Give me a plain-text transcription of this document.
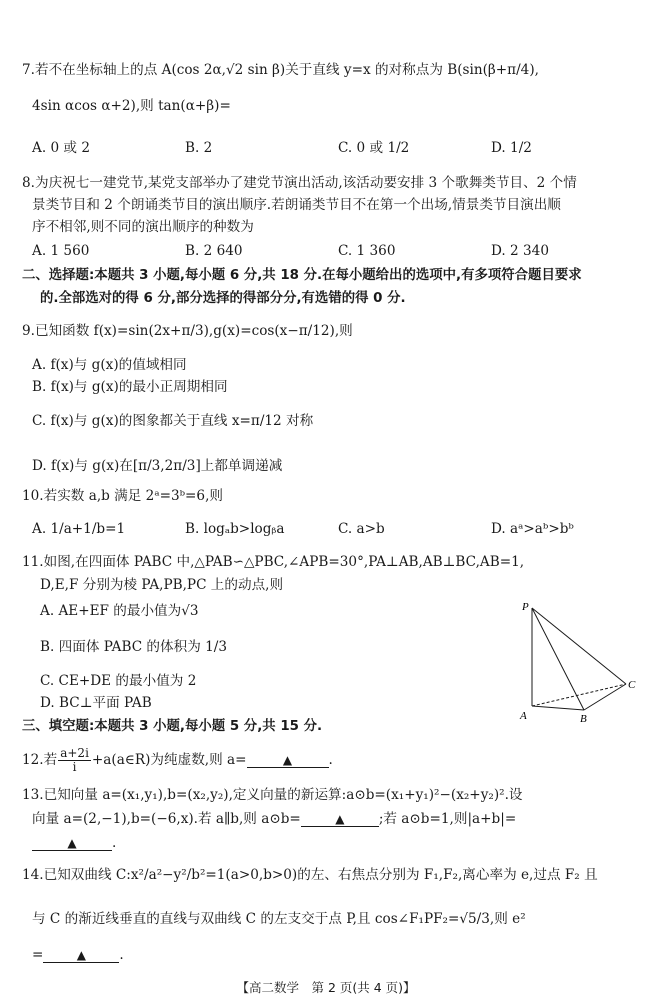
7.若不在坐标轴上的点 A(cos 2α,√2 sin β)关于直线 y=x 的对称点为 B(sin(β+π/4),
4sin αcos α+2),则 tan(α+β)=
A. 0 或 2	B. 2	C. 0 或 1/2	D. 1/2
8.为庆祝七一建党节,某党支部举办了建党节演出活动,该活动要安排 3 个歌舞类节目、2 个情
景类节目和 2 个朗诵类节目的演出顺序.若朗诵类节目不在第一个出场,情景类节目演出顺
序不相邻,则不同的演出顺序的种数为
A. 1 560	B. 2 640	C. 1 360	D. 2 340
二、选择题:本题共 3 小题,每小题 6 分,共 18 分.在每小题给出的选项中,有多项符合题目要求
的.全部选对的得 6 分,部分选择的得部分分,有选错的得 0 分.
9.已知函数 f(x)=sin(2x+π/3),g(x)=cos(x−π/12),则
A. f(x)与 g(x)的值域相同
B. f(x)与 g(x)的最小正周期相同
C. f(x)与 g(x)的图象都关于直线 x=π/12 对称
D. f(x)与 g(x)在[π/3,2π/3]上都单调递减
10.若实数 a,b 满足 2ᵃ=3ᵇ=6,则
A. 1/a+1/b=1	B. logₐb>logᵦa	C. a>b	D. aᵃ>aᵇ>bᵇ
11.如图,在四面体 PABC 中,△PAB∽△PBC,∠APB=30°,PA⊥AB,AB⊥BC,AB=1,
D,E,F 分别为棱 PA,PB,PC 上的动点,则
A. AE+EF 的最小值为√3
B. 四面体 PABC 的体积为 1/3
C. CE+DE 的最小值为 2
D. BC⊥平面 PAB
P
A	B
C
三、填空题:本题共 3 小题,每小题 5 分,共 15 分.
12.若 $\frac{a+2i}{i}$ +a(a∈R)为纯虚数,则 a=	▲	.
13.已知向量 a=(x₁,y₁),b=(x₂,y₂),定义向量的新运算:a⊙b=(x₁+y₁)²−(x₂+y₂)².设
向量 a=(2,−1),b=(−6,x).若 a∥b,则 a⊙b=	▲	;若 a⊙b=1,则|a+b|=
▲	.
14.已知双曲线 C:x²/a²−y²/b²=1(a>0,b>0)的左、右焦点分别为 F₁,F₂,离心率为 e,过点 F₂ 且
与 C 的渐近线垂直的直线与双曲线 C 的左支交于点 P,且 cos∠F₁PF₂=√5/3,则 e²
=	▲ .
【高二数学　第 2 页(共 4 页)】
